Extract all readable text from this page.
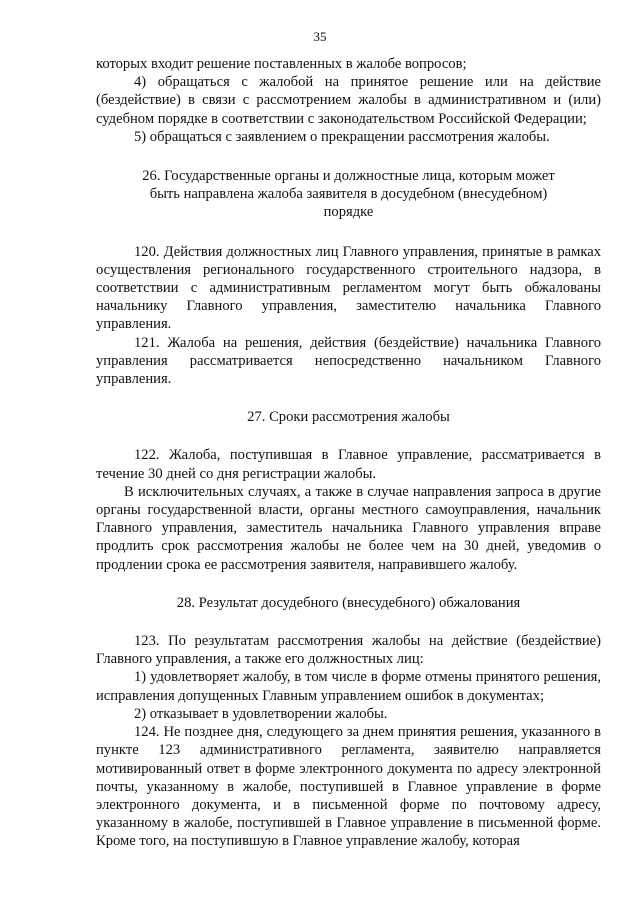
35

которых входит решение поставленных в жалобе вопросов;

4) обращаться с жалобой на принятое решение или на действие (бездействие) в связи с рассмотрением жалобы в административном и (или) судебном порядке в соответствии с законодательством Российской Федерации;

5) обращаться с заявлением о прекращении рассмотрения жалобы.

26. Государственные органы и должностные лица, которым может быть направлена жалоба заявителя в досудебном (внесудебном) порядке

120. Действия должностных лиц Главного управления, принятые в рамках осуществления регионального государственного строительного надзора, в соответствии с административным регламентом могут быть обжалованы начальнику Главного управления, заместителю начальника Главного управления.

121. Жалоба на решения, действия (бездействие) начальника Главного управления рассматривается непосредственно начальником Главного управления.

27. Сроки рассмотрения жалобы

122. Жалоба, поступившая в Главное управление, рассматривается в течение 30 дней со дня регистрации жалобы.

В исключительных случаях, а также в случае направления запроса в другие органы государственной власти, органы местного самоуправления, начальник Главного управления, заместитель начальника Главного управления вправе продлить срок рассмотрения жалобы не более чем на 30 дней, уведомив о продлении срока ее рассмотрения заявителя, направившего жалобу.

28. Результат досудебного (внесудебного) обжалования

123. По результатам рассмотрения жалобы на действие (бездействие) Главного управления, а также его должностных лиц:

1) удовлетворяет жалобу, в том числе в форме отмены принятого решения, исправления допущенных Главным управлением ошибок в документах;

2) отказывает в удовлетворении жалобы.

124. Не позднее дня, следующего за днем принятия решения, указанного в пункте 123 административного регламента, заявителю направляется мотивированный ответ в форме электронного документа по адресу электронной почты, указанному в жалобе, поступившей в Главное управление в форме электронного документа, и в письменной форме по почтовому адресу, указанному в жалобе, поступившей в Главное управление в письменной форме. Кроме того, на поступившую в Главное управление жалобу, которая
